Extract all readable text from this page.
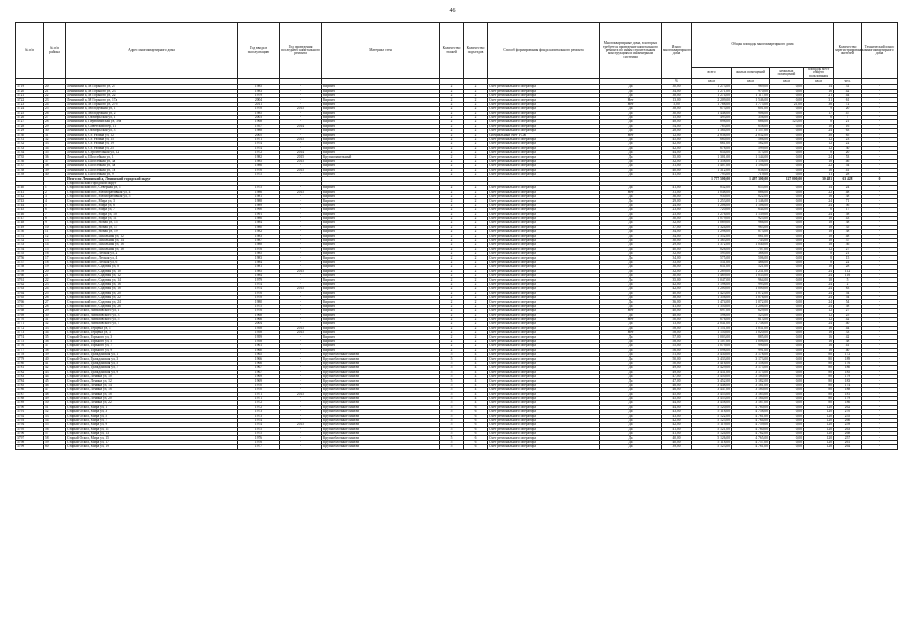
46
№ п/п	№ п/п района	Адрес многоквартирного дома	Год ввода в эксплуатацию	Год проведения последнего капитального ремонта	Материал стен	Количество этажей	Количество подъездов	Способ формирования фонда капитального ремонта	Многоквартирные дома, в которых требуется проведение капитального ремонта по иным строительным конструкциям и инженерным системам	Износ многоквартирного дома	Общая площадь многоквартирного дома				Количество зарегистрированных жителей	Технический износ многоквартирного дома	
											всего	жилых помещений	нежилых помещений	площадь мест общего пользования			
										%	кв.м	кв.м	кв.м	кв.м	чел.		
3719	20	Ленинский а, М Горького ул, 27	1985	-	Кирпич	2	2	Счет регионального оператора	Да	30,00	1 273,00	969,00	0,00	14	31	-	
3720	21	Ленинский а, М Горького ул, 23	1983	-	Кирпич	2	2	Счет регионального оператора	Да	34,00	1 271,00	970,00	0,00	16	42	-	
3721	22	Ленинский а, М Горького ул, 22	1979	-	Кирпич	2	2	Счет регионального оператора	Да	38,00	1 274,00	1 117,00	0,00	21	44	-	
3722	23	Ленинский а, М Горького ул, 17а	2004	-	Кирпич	2	2	Счет регионального оператора	Нет	13,00	2 209,00	1 546,00	0,00	31	61	-	
3723	24	Ленинский а, М Горького ул, 27б	2011	-	Кирпич	2	2	Счет регионального оператора	Нет	5,00	1 788,00	1 775,00	21,00	36	72	-	
3724	25	Ленинский а, Молодежная ул, 1	1978	2015	Кирпич	2	2	Счет регионального оператора	Да	38,00	673,00	601,00	0,00	9	20	-	
3725	26	Ленинский а, Молодежная ул, 2	1985	-	Кирпич	2	2	Счет регионального оператора	Да	30,00	1 448,00	906,00	0,00	17	47	-	
3726	27	Ленинский а, Октябрьская ул, 1	2003	-	Кирпич	2	2	Счет регионального оператора	Да	15,00	493,00	356,00	0,00	6	7	-	
3727	28	Ленинский а, Первомайская ул, 39а	1968	-	Кирпич	2	2	Счет регионального оператора	Да	48,00	898,00	686,00	123,00	8	21	-	
3728	29	Ленинский а, Советский пер, 11	1957	2014	Кирпич	2	2	Счет регионального оператора	Да	54,00	783,00	658,00	0,00	10	16	-	
3729	30	Ленинский а, Октябрьская ул, 3	1988	-	Кирпич	2	2	Счет регионального оператора	Да	28,00	1 384,00	1 157,00	0,00	24	63	-	
3730	31	Ленинский а, Ст. Разина ул, 12	2005	-	Кирпич	2	2	Специальный счет ТСЖ	Нет	12,00	2 836,00	2 032,00	0,00	38	85	-	
3731	32	Ленинский а, Ст. Разина ул, 15	1971	2015	Кирпич	2	2	Счет регионального оператора	Да	45,00	660,00	586,00	0,00	12	23	-	
3732	33	Ленинский а, Ст. Разина ул, 19	1974	-	Кирпич	2	2	Счет регионального оператора	Да	42,00	661,00	582,00	0,00	12	22	-	
3733	34	Ленинский а, Ст. Разина ул, 25	1974	-	Кирпич	2	2	Счет регионального оператора	Да	42,00	678,00	599,00	0,00	12	30	-	
3734	35	Ленинский а, Строительная ул, 12	1972	2014	Кирпич	2	2	Счет регионального оператора	Да	44,00	654,00	573,00	0,00	8	20	-	
3735	36	Ленинский а, Шоссейная ул, 1	1982	2015	Крупнопанельный	2	2	Счет регионального оператора	Да	35,00	1 301,00	1 144,00	0,00	24	53	-	
3736	37	Ленинский а, Шоссейная ул, 3а	1985	2015	Кирпич	2	2	Счет регионального оператора	Да	32,00	1 358,00	1 156,00	0,00	18	46	-	
3737	38	Ленинский а, Шоссейная ул, 5а	1986	-	Кирпич	2	2	Счет регионального оператора	Да	31,00	1 407,00	1 194,00	0,00	22	54	-	
3738	39	Ленинский а, Шоссейная ул, 7а	1976	2015	Кирпич	2	2	Счет регионального оператора	Да	40,00	1 312,00	836,00	0,00	16	41	-	
3739	40	Ленинский а, Шоссейная ул, 9	1975	-	Кирпич	2	2	Счет регионального оператора	Да	41,00	793,00	719,00	0,00	11	28	-	
		Итого по Ленинский а, Ленинский городской округ									1 777 500,00	1 497 300,00	127 000,00	30 481	63 428	0	
		Старопольский городской округ															
3740	1	Старопольский пос, Северная ул, 1	1975	-	Кирпич	2	2	Счет регионального оператора	Да	41,00	832,00	655,00	0,00	14	24	-	
3741	2	Старопольский пос, Мелиоративная ул, 4	1986	2015	Кирпич	2	2	Счет регионального оператора	Нет	31,00	1 048,00	886,00	0,00	22	48	-	
3742	3	Старопольский пос, Мелиоративная ул, 5	1981	-	Кирпич	2	2	Счет регионального оператора	Да	36,00	930,00	822,00	0,00	16	38	-	
3743	4	Старопольский пос, Мира ул, 3	1988	-	Кирпич	2	2	Счет регионального оператора	Да	29,00	1 253,00	1 146,00	0,00	24	71	-	
3744	5	Старопольский пос, Мира ул, 6	1989	-	Кирпич	2	2	Счет регионального оператора	Да	24,00	1 206,00	1 106,00	0,00	24	56	-	
3745	6	Старопольский пос, Мира ул, 7	1990	-	Кирпич	2	2	Счет регионального оператора	Да	23,00	720,00	644,00	0,00	6	17	-	
3746	7	Старопольский пос, Мира ул, 10	1991	-	Кирпич	2	2	Счет регионального оператора	Да	23,00	1 276,00	1 139,00	0,00	24	58	-	
3747	8	Старопольский пос, Мира ул, 11	1986	-	Кирпич	2	2	Счет регионального оператора	Да	30,00	1 079,00	925,00	0,00	18	43	-	
3748	9	Старопольский пос, Новая ул, 15	1984	-	Кирпич	2	2	Счет регионального оператора	Да	32,00	1 089,00	966,00	0,00	18	38	-	
3749	10	Старопольский пос, Новая ул, 17	1980	-	Кирпич	2	2	Счет регионального оператора	Да	37,00	1 324,00	963,00	0,00	18	35	-	
3750	11	Старопольский пос, Новая ул, 19	1982	-	Кирпич	2	2	Счет регионального оператора	Да	34,00	1 298,00	873,00	0,00	18	38	-	
3751	12	Старопольский пос, Школьная ул, 12	1983	-	Кирпич	2	2	Счет регионального оператора	Да	34,00	1 352,00	861,00	0,00	18	48	-	
3752	13	Старопольский пос, Школьная ул, 14	1987	-	Кирпич	2	2	Счет регионального оператора	Да	30,00	1 363,00	743,00	0,00	18	37	-	
3753	14	Старопольский пос, Школьная ул, 16	1988	-	Кирпич	2	2	Счет регионального оператора	Да	29,00	1 372,00	1 040,00	0,00	18	36	-	
3754	15	Старопольский пос, Школьная ул, 18	1976	-	Кирпич	2	2	Счет регионального оператора	Да	40,00	826,00	707,00	0,00	12	27	-	
3755	16	Старопольский пос, Лесная ул, 2	1985	-	Кирпич	2	2	Счет регионального оператора	Да	32,00	595,00	368,00	0,00	8	21	-	
3756	17	Старопольский пос, Лесная ул, 4	1983	-	Кирпич	2	2	Счет регионального оператора	Да	34,00	575,00	506,00	0,00	8	15	-	
3757	18	Старопольский пос, Лесная ул, 6	1984	-	Кирпич	2	2	Счет регионального оператора	Да	33,00	531,00	466,00	0,00	8	22	-	
3758	19	Старопольский пос, Садовая ул, 8	1981	-	Кирпич	2	2	Счет регионального оператора	Да	36,00	631,00	521,00	0,00	10	28	-	
3759	20	Старопольский пос, Садовая ул, 10	1985	2015	Кирпич	2	2	Счет регионального оператора	Да	32,00	1 289,00	1 231,00	0,00	24	112	-	
3760	21	Старопольский пос, Садовая ул, 12	1984	-	Кирпич	2	2	Счет регионального оператора	Да	30,00	1 469,00	1 035,00	0,00	24	116	-	
3761	22	Старопольский пос, Садовая ул, 14	1979	-	Кирпич	2	2	Счет регионального оператора	Да	35,00	1 047,00	964,00	0,00	18	5	-	
3762	23	Старопольский пос, Садовая ул, 16	1974	-	Кирпич	2	2	Счет регионального оператора	Да	42,00	1 198,00	993,00	0,00	24	2	-	
3763	24	Старопольский пос, Садовая ул, 18	1974	2015	Кирпич	2	2	Счет регионального оператора	Да	42,00	1 200,00	1 000,00	0,00	24	83	-	
3764	25	Старопольский пос, Садовая ул, 20	1976	-	Кирпич	2	2	Счет регионального оператора	Да	40,00	1 423,00	1 072,00	0,00	24	54	-	
3765	26	Старопольский пос, Садовая ул, 22	1978	-	Кирпич	2	2	Счет регионального оператора	Да	38,00	1 356,00	1 076,00	0,00	24	54	-	
3766	27	Старопольский пос, Садовая ул, 24	1980	-	Кирпич	2	2	Счет регионального оператора	Да	36,00	1 474,00	1 072,00	0,00	24	54	-	
3767	28	Старопольский пос, Садовая ул, 26	1975	-	Кирпич	2	2	Счет регионального оператора	Да	41,00	1 350,00	1 206,00	0,00	24	58	-	
3768	29	Старый Оскол, Айвазовского ул, 1	1976	-	Кирпич	2	2	Счет регионального оператора	Нет	40,00	697,00	629,00	0,00	12	27	-	
3769	30	Старый Оскол, Айвазовского ул, 3	1968	-	Кирпич	2	2	Счет регионального оператора	Да	48,00	598,00	523,00	0,00	12	25	-	
3770	31	Старый Оскол, Айвазовского ул, 5	1966	-	Кирпич	2	2	Счет регионального оператора	Нет	50,00	676,00	613,00	0,00	12	42	-	
3771	32	Старый Оскол, Айвазовского ул, 7	2004	-	Кирпич	2	2	Счет регионального оператора	Да	13,00	2 041,00	1 738,00	0,00	24	40	-	
3772	33	Старый Оскол, Герцена ул, 1	1958	2015	Кирпич	2	2	Счет регионального оператора	Да	58,00	1 151,00	1 031,00	0,00	16	44	-	
3773	34	Старый Оскол, Герцена ул, 3	1958	2015	Кирпич	2	2	Счет регионального оператора	Нет	58,00	1 150,00	1 020,00	0,00	16	33	-	
3774	35	Старый Оскол, Горького ул, 3	1959	-	Кирпич	2	2	Счет регионального оператора	Да	57,00	1 003,00	885,00	0,00	16	42	-	
3775	36	Старый Оскол, Горького ул, 5	1958	-	Кирпич	2	2	Счет регионального оператора	Да	58,00	1 107,00	1 006,00	0,00	16	38	-	
3776	37	Старый Оскол, Горького ул, 7	1961	-	Кирпич	2	2	Счет регионального оператора	Да	55,00	1 079,00	990,00	0,00	16	41	-	
3777	38	Старый Оскол, Горького ул, 9	1960	-	Кирпич	2	2	Счет регионального оператора	Да	56,00	1 098,00	991,00	0,00	16	40	-	
3778	39	Старый Оскол, Гражданская ул, 1	1965	-	Крупноблочные панели	5	4	Счет регионального оператора	Да	51,00	3 430,00	3 178,00	0,00	80	172	-	
3779	40	Старый Оскол, Гражданская ул, 3	1966	-	Крупноблочные панели	5	4	Счет регионального оператора	Да	50,00	3 433,00	3 173,00	0,00	80	189	-	
3780	41	Старый Оскол, Гражданская ул, 5	1966	-	Крупноблочные панели	5	4	Счет регионального оператора	Да	50,00	3 416,00	3 158,00	0,00	80	176	-	
3781	42	Старый Оскол, Гражданская ул, 7	1967	-	Крупноблочные панели	5	4	Счет регионального оператора	Да	49,00	3 429,00	3 175,00	0,00	80	180	-	
3782	43	Старый Оскол, Гражданская ул, 9	1967	-	Крупноблочные панели	5	4	Счет регионального оператора	Да	49,00	3 431,00	3 175,00	0,00	80	185	-	
3783	44	Старый Оскол, Ленина ул, 10	1969	-	Крупноблочные панели	5	4	Счет регионального оператора	Да	47,00	3 450,00	3 180,00	0,00	80	179	-	
3784	45	Старый Оскол, Ленина ул, 12	1969	-	Крупноблочные панели	5	4	Счет регионального оператора	Да	47,00	3 452,00	3 182,00	0,00	80	183	-	
3785	46	Старый Оскол, Ленина ул, 14	1970	-	Крупноблочные панели	5	4	Счет регионального оператора	Да	46,00	3 448,00	3 181,00	0,00	80	174	-	
3786	47	Старый Оскол, Ленина ул, 16	1970	-	Крупноблочные панели	5	4	Счет регионального оператора	Да	46,00	3 447,00	3 180,00	0,00	80	188	-	
3787	48	Старый Оскол, Ленина ул, 18	1971	2015	Крупноблочные панели	5	4	Счет регионального оператора	Да	45,00	3 455,00	3 185,00	0,00	80	181	-	
3788	49	Старый Оскол, Ленина ул, 20	1971	-	Крупноблочные панели	5	4	Счет регионального оператора	Да	45,00	3 453,00	3 184,00	0,00	80	179	-	
3789	50	Старый Оскол, Ленина ул, 22	1972	-	Крупноблочные панели	5	4	Счет регионального оператора	Да	44,00	3 458,00	3 187,00	0,00	80	186	-	
3790	51	Старый Оскол, Мира ул, 1	1972	-	Крупноблочные панели	5	6	Счет регионального оператора	Да	44,00	5 120,00	4 760,00	0,00	120	262	-	
3791	52	Старый Оскол, Мира ул, 3	1973	-	Крупноблочные панели	5	6	Счет регионального оператора	Да	43,00	5 118,00	4 758,00	0,00	120	270	-	
3792	53	Старый Оскол, Мира ул, 5	1973	-	Крупноблочные панели	5	6	Счет регионального оператора	Да	43,00	5 122,00	4 761,00	0,00	120	255	-	
3793	54	Старый Оскол, Мира ул, 7	1974	-	Крупноблочные панели	5	6	Счет регионального оператора	Да	42,00	5 125,00	4 764,00	0,00	120	266	-	
3794	55	Старый Оскол, Мира ул, 9	1974	2015	Крупноблочные панели	5	6	Счет регионального оператора	Да	42,00	5 119,00	4 759,00	0,00	120	259	-	
3795	56	Старый Оскол, Мира ул, 11	1975	-	Крупноблочные панели	5	6	Счет регионального оператора	Да	41,00	5 121,00	4 760,00	0,00	120	263	-	
3796	57	Старый Оскол, Мира ул, 13	1975	-	Крупноблочные панели	5	6	Счет регионального оператора	Да	41,00	5 124,00	4 762,00	0,00	120	268	-	
3797	58	Старый Оскол, Мира ул, 15	1976	-	Крупноблочные панели	5	6	Счет регионального оператора	Да	40,00	5 126,00	4 765,00	0,00	120	257	-	
3798	59	Старый Оскол, Мира ул, 17	1976	-	Крупноблочные панели	5	6	Счет регионального оператора	Да	40,00	5 118,00	4 757,00	0,00	120	261	-	
3799	60	Старый Оскол, Мира ул, 19	1977	-	Крупноблочные панели	5	6	Счет регионального оператора	Да	39,00	5 123,00	4 761,00	0,00	120	264	-	
